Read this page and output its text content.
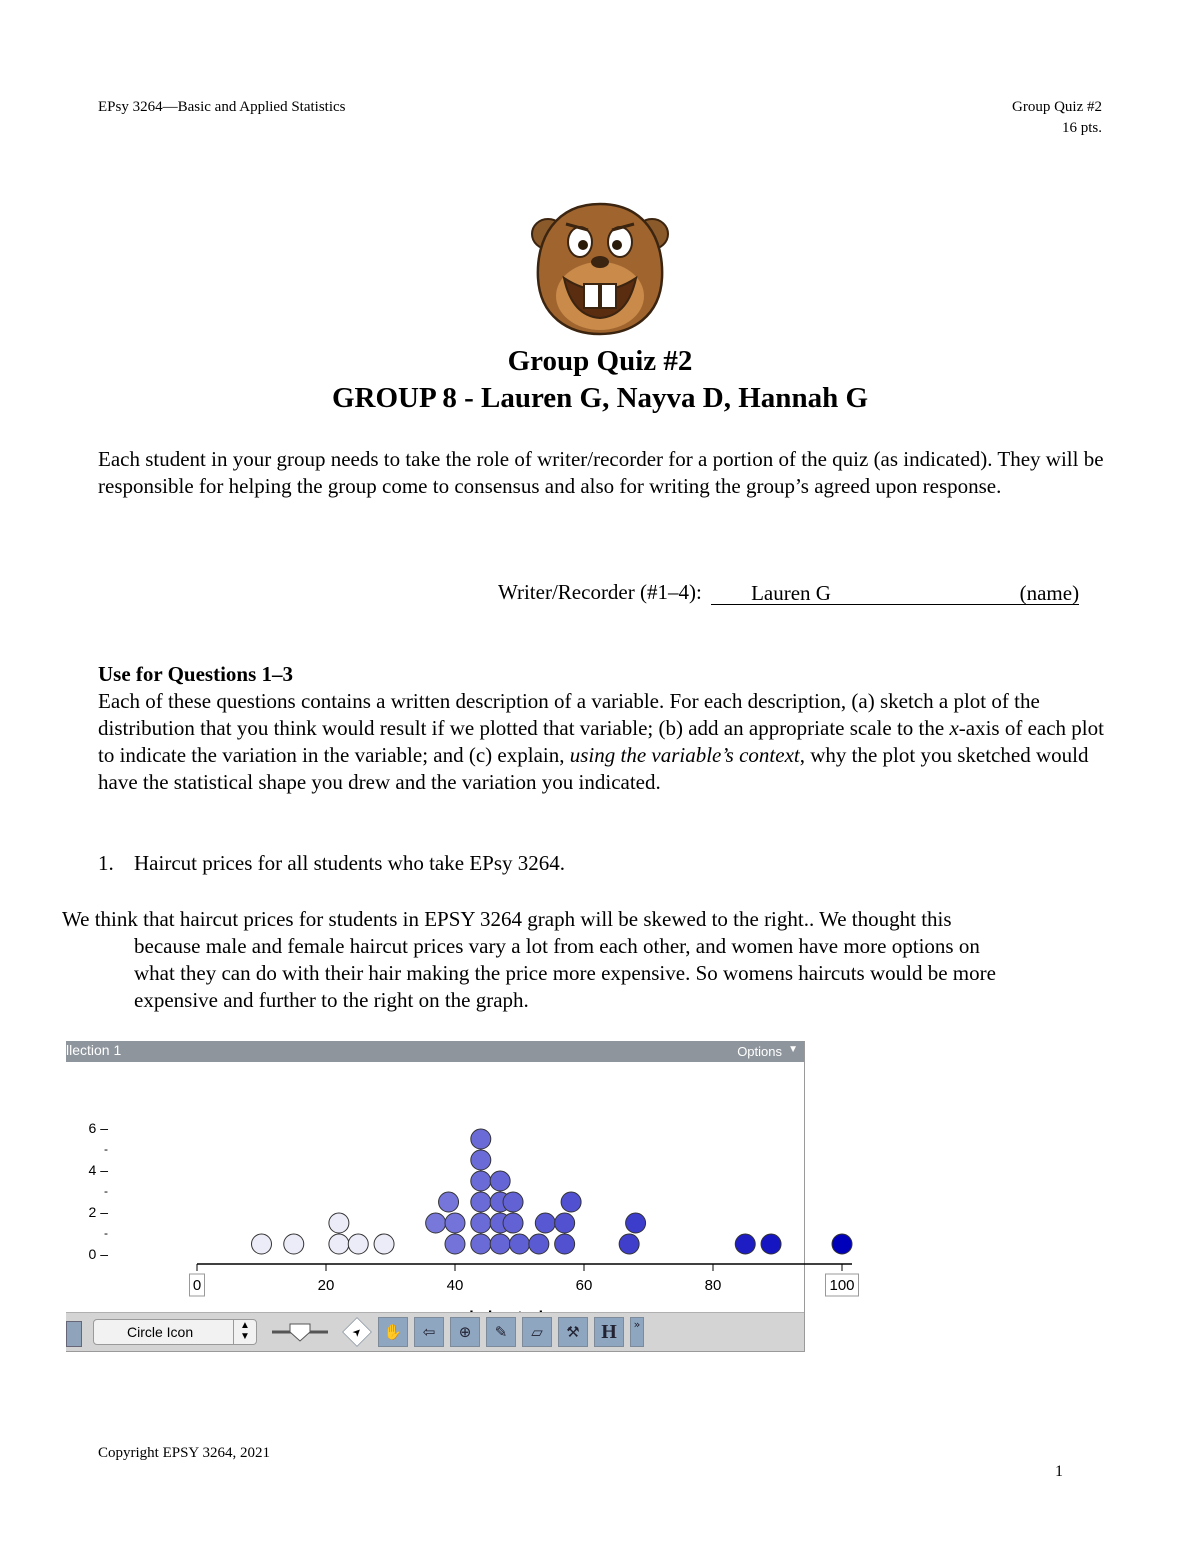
EPsy 3264—Basic and Applied Statistics	Group Quiz #2
16 pts.
Group Quiz #2
GROUP 8 - Lauren G, Nayva D, Hannah G
Each student in your group needs to take the role of writer/recorder for a portion of the quiz (as indicated). They will be responsible for helping the group come to consensus and also for writing the group’s agreed upon response.
Writer/Recorder (#1–4): Lauren G	(name)
Use for Questions 1–3
Each of these questions contains a written description of a variable. For each description, (a) sketch a plot of the distribution that you think would result if we plotted that variable; (b) add an appropriate scale to the x-axis of each plot to indicate the variation in the variable; and (c) explain, using the variable’s context, why the plot you sketched would have the statistical shape you drew and the variation you indicated.
1. Haircut prices for all students who take EPsy 3264.
We think that haircut prices for students in EPSY 3264 graph will be skewed to the right.. We thought this
because male and female haircut prices vary a lot from each other, and women have more options on
what they can do with their hair making the price more expensive. So womens haircuts would be more
expensive and further to the right on the graph.
llection 1	Options ▼
0 –
-
2 –
-
4 –
-
6 –
0	20	40	60	80	100
Circle Icon	▲
▼	➤	✋	⇦	⊕	✎	▱	⚒	H	»
Copyright EPSY 3264, 2021
1
